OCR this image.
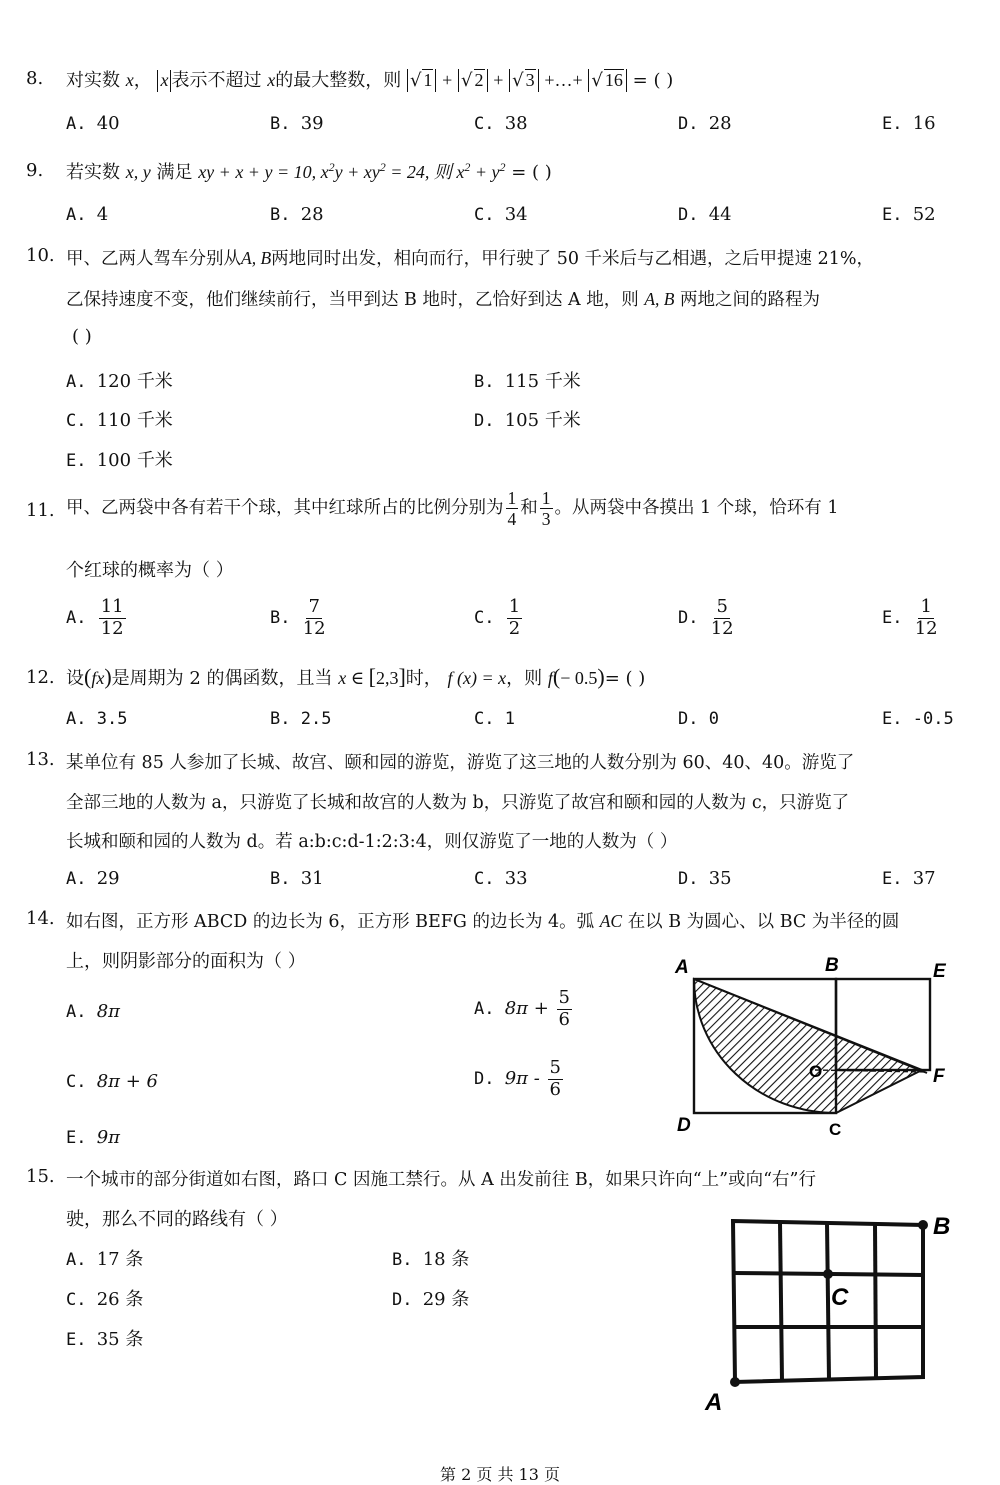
8. 对实数 x， x 表示不超过 x的最大整数，则 √ 1 + √ 2 + √ 3 +…+ √ 16 = ( )
A. 40	B. 39	C. 38	D. 28	E. 16
9. 若实数 x, y 满足 xy + x + y = 10, $x^2y + xy^2 = 24$, 则 $x^2 + y^2$ = ( )
A. 4	B. 28	C. 34	D. 44	E. 52
10. 甲、乙两人驾车分别从A, B两地同时出发，相向而行，甲行驶了 50 千米后与乙相遇，之后甲提速 21%，
乙保持速度不变，他们继续前行，当甲到达 B 地时，乙恰好到达 A 地，则 A, B 两地之间的路程为
( )
A. 120 千米	B. 115 千米
C. 110 千米	D. 105 千米
E. 100 千米
11. 甲、乙两袋中各有若干个球，其中红球所占的比例分别为 $\frac{1}{4}$ 和 $\frac{1}{3}$ 。从两袋中各摸出 1 个球，恰环有 1
个红球的概率为（ ）
A. $\frac{11}{12}$	B. $\frac{7}{12}$	C. $\frac{1}{2}$	D. $\frac{5}{12}$	E. $\frac{1}{12}$
12. 设(fx)是周期为 2 的偶函数，且当 x ∈ [2,3]时， f (x) = x，则 f(− 0.5)= ( )
A. 3.5	B. 2.5	C. 1	D. 0	E. -0.5
13. 某单位有 85 人参加了长城、故宫、颐和园的游览，游览了这三地的人数分别为 60、40、40。游览了
全部三地的人数为 a，只游览了长城和故宫的人数为 b，只游览了故宫和颐和园的人数为 c，只游览了
长城和颐和园的人数为 d。若 a:b:c:d-1:2:3:4，则仅游览了一地的人数为（ ）
A. 29	B. 31	C. 33	D. 35	E. 37
14. 如右图，正方形 ABCD 的边长为 6，正方形 BEFG 的边长为 4。弧 AC 在以 B 为圆心、以 BC 为半径的圆
上，则阴影部分的面积为（ ）
A. 8π	A. $8\pi + \frac{5}{6}$
C. 8π + 6	D. $9\pi - \frac{5}{6}$
E. 9π
A	B	E
F
D	C
O
15. 一个城市的部分街道如右图，路口 C 因施工禁行。从 A 出发前往 B，如果只许向“上”或向“右”行
驶，那么不同的路线有（ ）
A. 17 条	B. 18 条
C. 26 条	D. 29 条
E. 35 条
B
C
A
第 2 页 共 13 页
